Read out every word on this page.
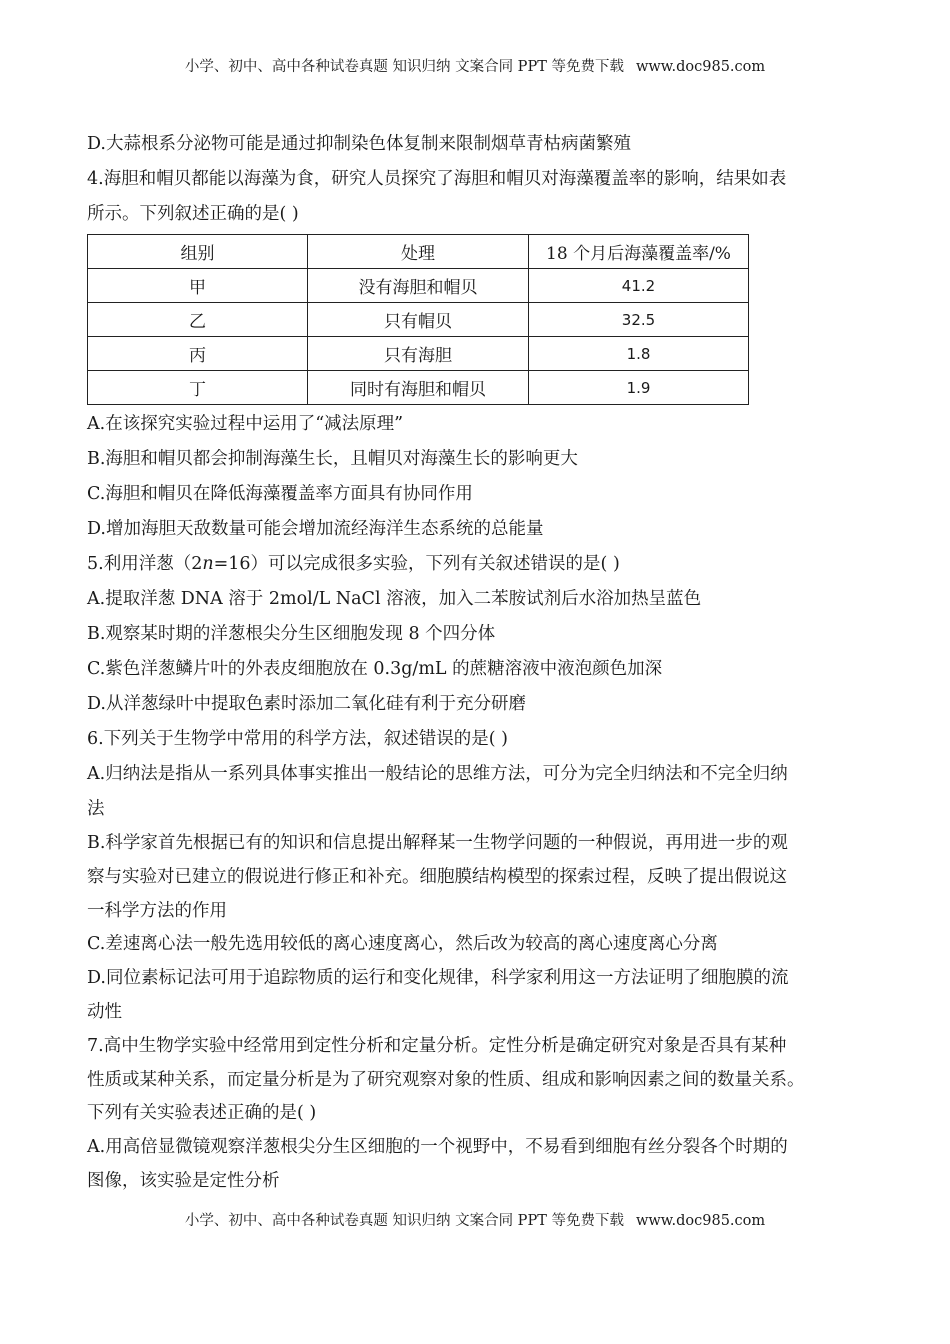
小学、初中、高中各种试卷真题 知识归纳 文案合同 PPT 等免费下载 www.doc985.com
D.大蒜根系分泌物可能是通过抑制染色体复制来限制烟草青枯病菌繁殖
4.海胆和帽贝都能以海藻为食，研究人员探究了海胆和帽贝对海藻覆盖率的影响，结果如表
所示。下列叙述正确的是( )
组别	处理	18 个月后海藻覆盖率/%
甲	没有海胆和帽贝	41.2
乙	只有帽贝	32.5
丙	只有海胆	1.8
丁	同时有海胆和帽贝	1.9
A.在该探究实验过程中运用了“减法原理”
B.海胆和帽贝都会抑制海藻生长，且帽贝对海藻生长的影响更大
C.海胆和帽贝在降低海藻覆盖率方面具有协同作用
D.增加海胆天敌数量可能会增加流经海洋生态系统的总能量
5.利用洋葱（2n=16）可以完成很多实验，下列有关叙述错误的是( )
A.提取洋葱 DNA 溶于 2mol/L NaCl 溶液，加入二苯胺试剂后水浴加热呈蓝色
B.观察某时期的洋葱根尖分生区细胞发现 8 个四分体
C.紫色洋葱鳞片叶的外表皮细胞放在 0.3g/mL 的蔗糖溶液中液泡颜色加深
D.从洋葱绿叶中提取色素时添加二氧化硅有利于充分研磨
6.下列关于生物学中常用的科学方法，叙述错误的是( )
A.归纳法是指从一系列具体事实推出一般结论的思维方法，可分为完全归纳法和不完全归纳
法
B.科学家首先根据已有的知识和信息提出解释某一生物学问题的一种假说，再用进一步的观
察与实验对已建立的假说进行修正和补充。细胞膜结构模型的探索过程，反映了提出假说这
一科学方法的作用
C.差速离心法一般先选用较低的离心速度离心，然后改为较高的离心速度离心分离
D.同位素标记法可用于追踪物质的运行和变化规律，科学家利用这一方法证明了细胞膜的流
动性
7.高中生物学实验中经常用到定性分析和定量分析。定性分析是确定研究对象是否具有某种
性质或某种关系，而定量分析是为了研究观察对象的性质、组成和影响因素之间的数量关系。
下列有关实验表述正确的是( )
A.用高倍显微镜观察洋葱根尖分生区细胞的一个视野中，不易看到细胞有丝分裂各个时期的
图像，该实验是定性分析
小学、初中、高中各种试卷真题 知识归纳 文案合同 PPT 等免费下载 www.doc985.com
